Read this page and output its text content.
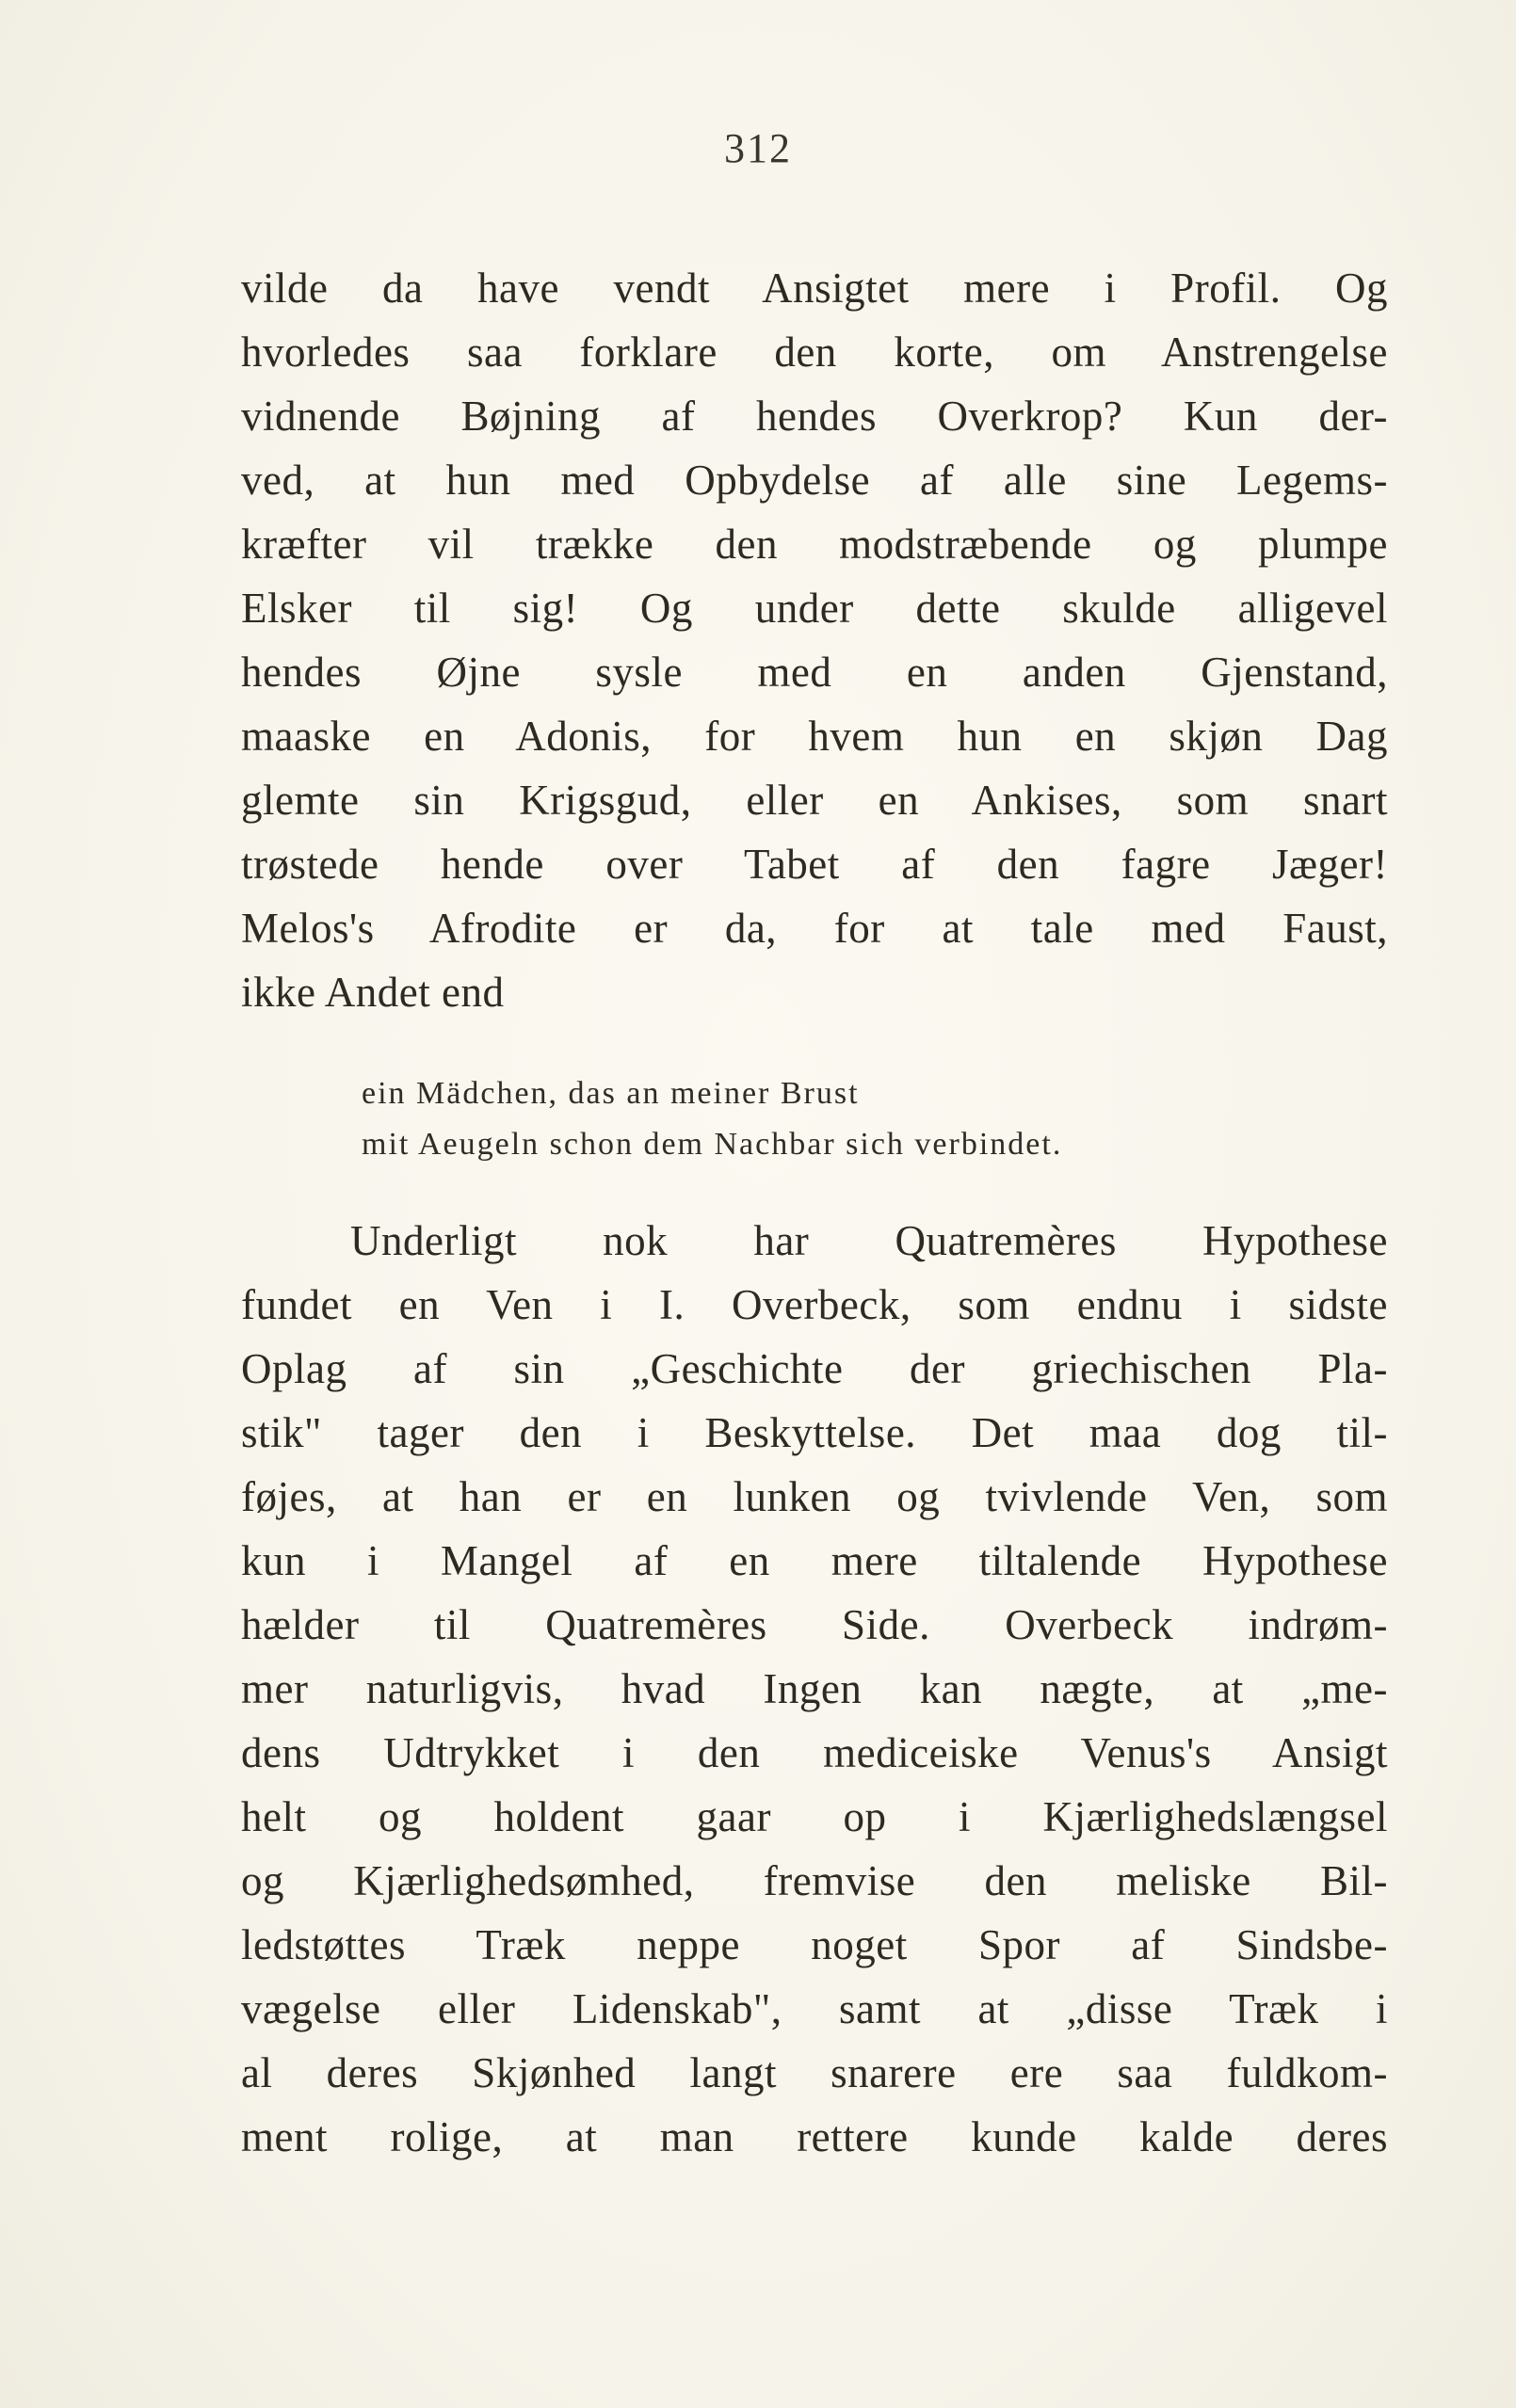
312
vilde da have vendt Ansigtet mere i Profil. Og
hvorledes saa forklare den korte, om Anstrengelse
vidnende Bøjning af hendes Overkrop? Kun der-
ved, at hun med Opbydelse af alle sine Legems-
kræfter vil trække den modstræbende og plumpe
Elsker til sig! Og under dette skulde alligevel
hendes Øjne sysle med en anden Gjenstand,
maaske en Adonis, for hvem hun en skjøn Dag
glemte sin Krigsgud, eller en Ankises, som snart
trøstede hende over Tabet af den fagre Jæger!
Melos's Afrodite er da, for at tale med Faust,
ikke Andet end
ein Mädchen, das an meiner Brust
mit Aeugeln schon dem Nachbar sich verbindet.
Underligt nok har Quatremères Hypothese
fundet en Ven i I. Overbeck, som endnu i sidste
Oplag af sin „Geschichte der griechischen Pla-
stik" tager den i Beskyttelse. Det maa dog til-
føjes, at han er en lunken og tvivlende Ven, som
kun i Mangel af en mere tiltalende Hypothese
hælder til Quatremères Side. Overbeck indrøm-
mer naturligvis, hvad Ingen kan nægte, at „me-
dens Udtrykket i den mediceiske Venus's Ansigt
helt og holdent gaar op i Kjærlighedslængsel
og Kjærlighedsømhed, fremvise den meliske Bil-
ledstøttes Træk neppe noget Spor af Sindsbe-
vægelse eller Lidenskab", samt at „disse Træk i
al deres Skjønhed langt snarere ere saa fuldkom-
ment rolige, at man rettere kunde kalde deres
